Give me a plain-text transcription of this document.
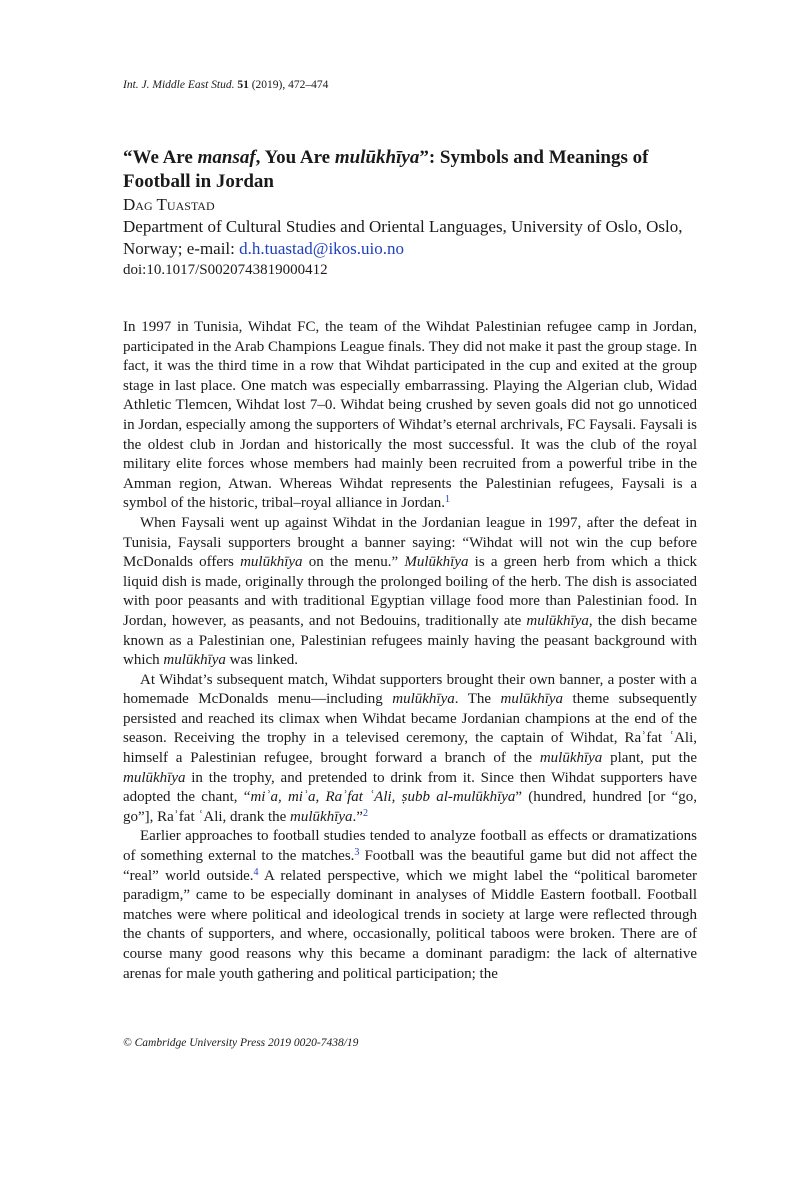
Int. J. Middle East Stud. 51 (2019), 472–474
“We Are mansaf, You Are mulūkhīya”: Symbols and Meanings of Football in Jordan
Dag Tuastad
Department of Cultural Studies and Oriental Languages, University of Oslo, Oslo, Norway; e-mail: d.h.tuastad@ikos.uio.no
doi:10.1017/S0020743819000412

In 1997 in Tunisia, Wihdat FC, the team of the Wihdat Palestinian refugee camp in Jordan, participated in the Arab Champions League finals. They did not make it past the group stage. In fact, it was the third time in a row that Wihdat participated in the cup and exited at the group stage in last place. One match was especially embarrassing. Playing the Algerian club, Widad Athletic Tlemcen, Wihdat lost 7–0. Wihdat being crushed by seven goals did not go unnoticed in Jordan, especially among the supporters of Wihdat’s eternal archrivals, FC Faysali. Faysali is the oldest club in Jordan and historically the most successful. It was the club of the royal military elite forces whose members had mainly been recruited from a powerful tribe in the Amman region, Atwan. Whereas Wihdat represents the Palestinian refugees, Faysali is a symbol of the historic, tribal–royal alliance in Jordan.$^1$

When Faysali went up against Wihdat in the Jordanian league in 1997, after the defeat in Tunisia, Faysali supporters brought a banner saying: “Wihdat will not win the cup before McDonalds offers mulūkhīya on the menu.” Mulūkhīya is a green herb from which a thick liquid dish is made, originally through the prolonged boiling of the herb. The dish is associated with poor peasants and with traditional Egyptian village food more than Palestinian food. In Jordan, however, as peasants, and not Bedouins, traditionally ate mulūkhīya, the dish became known as a Palestinian one, Palestinian refugees mainly having the peasant background with which mulūkhīya was linked.

At Wihdat’s subsequent match, Wihdat supporters brought their own banner, a poster with a homemade McDonalds menu—including mulūkhīya. The mulūkhīya theme subsequently persisted and reached its climax when Wihdat became Jordanian champions at the end of the season. Receiving the trophy in a televised ceremony, the captain of Wihdat, Raʾfat ʿAli, himself a Palestinian refugee, brought forward a branch of the mulūkhīya plant, put the mulūkhīya in the trophy, and pretended to drink from it. Since then Wihdat supporters have adopted the chant, “miʾa, miʾa, Raʾfat ʿAli, ṣubb al-mulūkhīya” (hundred, hundred [or “go, go”], Raʾfat ʿAli, drank the mulūkhīya.”$^2$

Earlier approaches to football studies tended to analyze football as effects or dramatizations of something external to the matches.$^3$ Football was the beautiful game but did not affect the “real” world outside.$^4$ A related perspective, which we might label the “political barometer paradigm,” came to be especially dominant in analyses of Middle Eastern football. Football matches were where political and ideological trends in society at large were reflected through the chants of supporters, and where, occasionally, political taboos were broken. There are of course many good reasons why this became a dominant paradigm: the lack of alternative arenas for male youth gathering and political participation; the

© Cambridge University Press 2019 0020-7438/19
